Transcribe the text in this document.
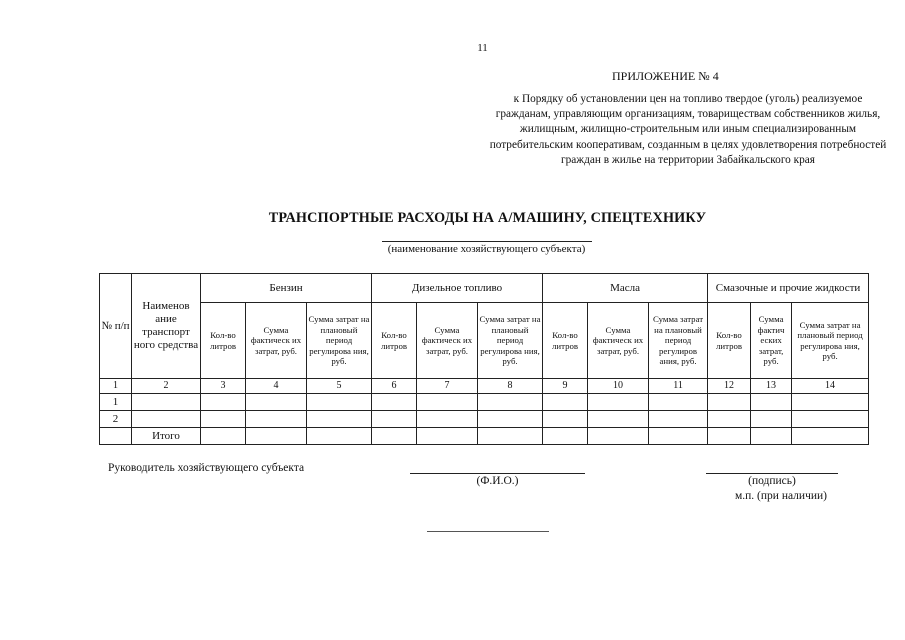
11
ПРИЛОЖЕНИЕ № 4
к Порядку об установлении цен на топливо твердое (уголь) реализуемое гражданам, управляющим организациям, товариществам собственников жилья, жилищным, жилищно-строительным или иным специализированным потребительским кооперативам, созданным в целях удовлетворения потребностей граждан в жилье на территории Забайкальского края
ТРАНСПОРТНЫЕ РАСХОДЫ НА А/МАШИНУ, СПЕЦТЕХНИКУ
(наименование хозяйствующего субъекта)
№ п/п	Наименов ание транспорт ного средства	Бензин			Дизельное топливо			Масла			Смазочные и прочие жидкости		
		Кол-во литров	Сумма фактическ их затрат, руб.	Сумма затрат на плановый период регулирова ния, руб.	Кол-во литров	Сумма фактическ их затрат, руб.	Сумма затрат на плановый период регулирова ния, руб.	Кол-во литров	Сумма фактическ их затрат, руб.	Сумма затрат на плановый период регулиров ания, руб.	Кол-во литров	Сумма фактич еских затрат, руб.	Сумма затрат на плановый период регулирова ния, руб.
1	2	3	4	5	6	7	8	9	10	11	12	13	14
1													
2													
	Итого												
Руководитель хозяйствующего субъекта
(Ф.И.О.)	(подпись)
м.п. (при наличии)
